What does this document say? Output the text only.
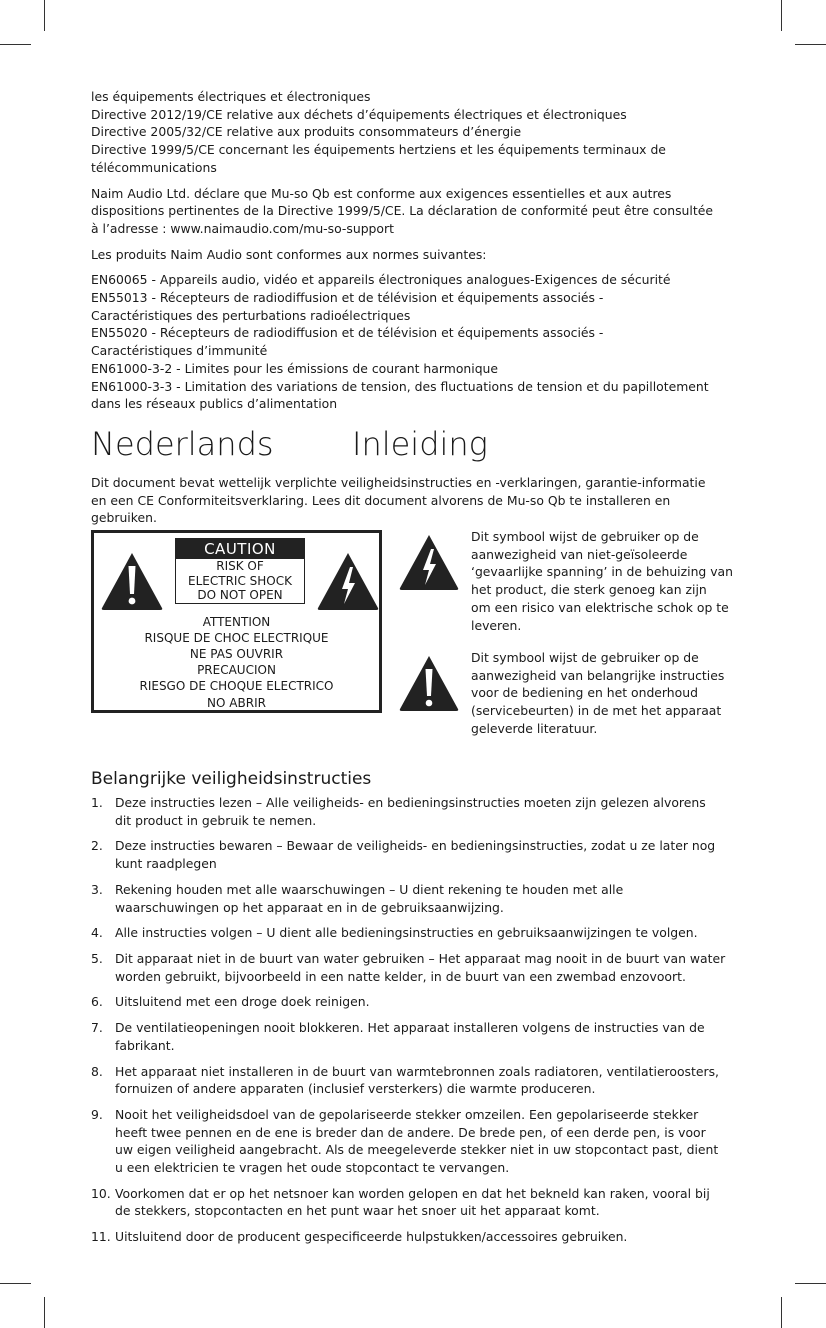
les équipements électriques et électroniques
Directive 2012/19/CE relative aux déchets d’équipements électriques et électroniques
Directive 2005/32/CE relative aux produits consommateurs d’énergie
Directive 1999/5/CE concernant les équipements hertziens et les équipements terminaux de
télécommunications
Naim Audio Ltd. déclare que Mu-so Qb est conforme aux exigences essentielles et aux autres
dispositions pertinentes de la Directive 1999/5/CE. La déclaration de conformité peut être consultée
à l’adresse : www.naimaudio.com/mu-so-support
Les produits Naim Audio sont conformes aux normes suivantes:
EN60065 - Appareils audio, vidéo et appareils électroniques analogues-Exigences de sécurité
EN55013 - Récepteurs de radiodiffusion et de télévision et équipements associés -
Caractéristiques des perturbations radioélectriques
EN55020 - Récepteurs de radiodiffusion et de télévision et équipements associés -
Caractéristiques d’immunité
EN61000-3-2 - Limites pour les émissions de courant harmonique
EN61000-3-3 - Limitation des variations de tension, des fluctuations de tension et du papillotement
dans les réseaux publics d’alimentation
Nederlands Inleiding
Dit document bevat wettelijk verplichte veiligheidsinstructies en -verklaringen, garantie-informatie
en een CE Conformiteitsverklaring. Lees dit document alvorens de Mu-so Qb te installeren en
gebruiken.
CAUTION
RISK OF
ELECTRIC SHOCK
DO NOT OPEN
ATTENTION
RISQUE DE CHOC ELECTRIQUE
NE PAS OUVRIR
PRECAUCION
RIESGO DE CHOQUE ELECTRICO
NO ABRIR
Dit symbool wijst de gebruiker op de
aanwezigheid van niet-geïsoleerde
‘gevaarlijke spanning’ in de behuizing van
het product, die sterk genoeg kan zijn
om een risico van elektrische schok op te
leveren.
Dit symbool wijst de gebruiker op de
aanwezigheid van belangrijke instructies
voor de bediening en het onderhoud
(servicebeurten) in de met het apparaat
geleverde literatuur.
Belangrijke veiligheidsinstructies
1. Deze instructies lezen – Alle veiligheids- en bedieningsinstructies moeten zijn gelezen alvorens
dit product in gebruik te nemen.
2. Deze instructies bewaren – Bewaar de veiligheids- en bedieningsinstructies, zodat u ze later nog
kunt raadplegen
3. Rekening houden met alle waarschuwingen – U dient rekening te houden met alle
waarschuwingen op het apparaat en in de gebruiksaanwijzing.
4. Alle instructies volgen – U dient alle bedieningsinstructies en gebruiksaanwijzingen te volgen.
5. Dit apparaat niet in de buurt van water gebruiken – Het apparaat mag nooit in de buurt van water
worden gebruikt, bijvoorbeeld in een natte kelder, in de buurt van een zwembad enzovoort.
6. Uitsluitend met een droge doek reinigen.
7. De ventilatieopeningen nooit blokkeren. Het apparaat installeren volgens de instructies van de
fabrikant.
8. Het apparaat niet installeren in de buurt van warmtebronnen zoals radiatoren, ventilatieroosters,
fornuizen of andere apparaten (inclusief versterkers) die warmte produceren.
9. Nooit het veiligheidsdoel van de gepolariseerde stekker omzeilen. Een gepolariseerde stekker
heeft twee pennen en de ene is breder dan de andere. De brede pen, of een derde pen, is voor
uw eigen veiligheid aangebracht. Als de meegeleverde stekker niet in uw stopcontact past, dient
u een elektricien te vragen het oude stopcontact te vervangen.
10. Voorkomen dat er op het netsnoer kan worden gelopen en dat het bekneld kan raken, vooral bij
de stekkers, stopcontacten en het punt waar het snoer uit het apparaat komt.
11. Uitsluitend door de producent gespecificeerde hulpstukken/accessoires gebruiken.
